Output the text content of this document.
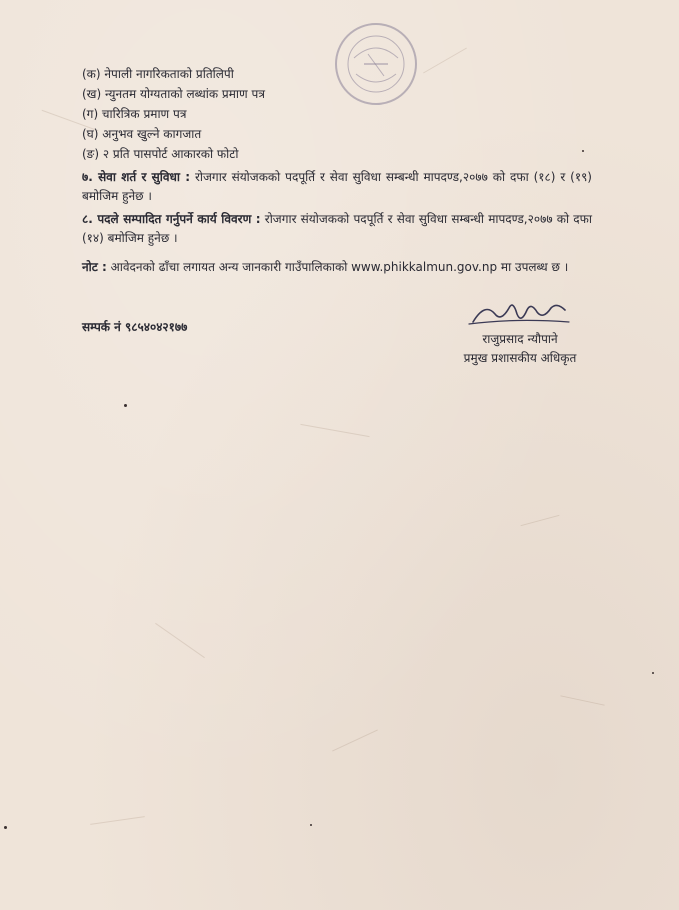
(क) नेपाली नागरिकताको प्रतिलिपी
(ख) न्युनतम योग्यताको लब्धांक प्रमाण पत्र
(ग) चारित्रिक प्रमाण पत्र
(घ) अनुभव खुल्ने कागजात
(ङ) २ प्रति पासपोर्ट आकारको फोटो
७. सेवा शर्त र सुविधा : रोजगार संयोजकको पदपूर्ति र सेवा सुविधा सम्बन्धी मापदण्ड,२०७७ को दफा (१८) र (१९) बमोजिम हुनेछ ।
८. पदले सम्पादित गर्नुपर्ने कार्य विवरण : रोजगार संयोजकको पदपूर्ति र सेवा सुविधा सम्बन्धी मापदण्ड,२०७७ को दफा (१४) बमोजिम हुनेछ ।
नोट : आवेदनको ढाँचा लगायत अन्य जानकारी गाउँपालिकाको www.phikkalmun.gov.np मा उपलब्ध छ ।
सम्पर्क नं ९८५४०४२१७७
राजुप्रसाद न्यौपाने
प्रमुख प्रशासकीय अधिकृत
